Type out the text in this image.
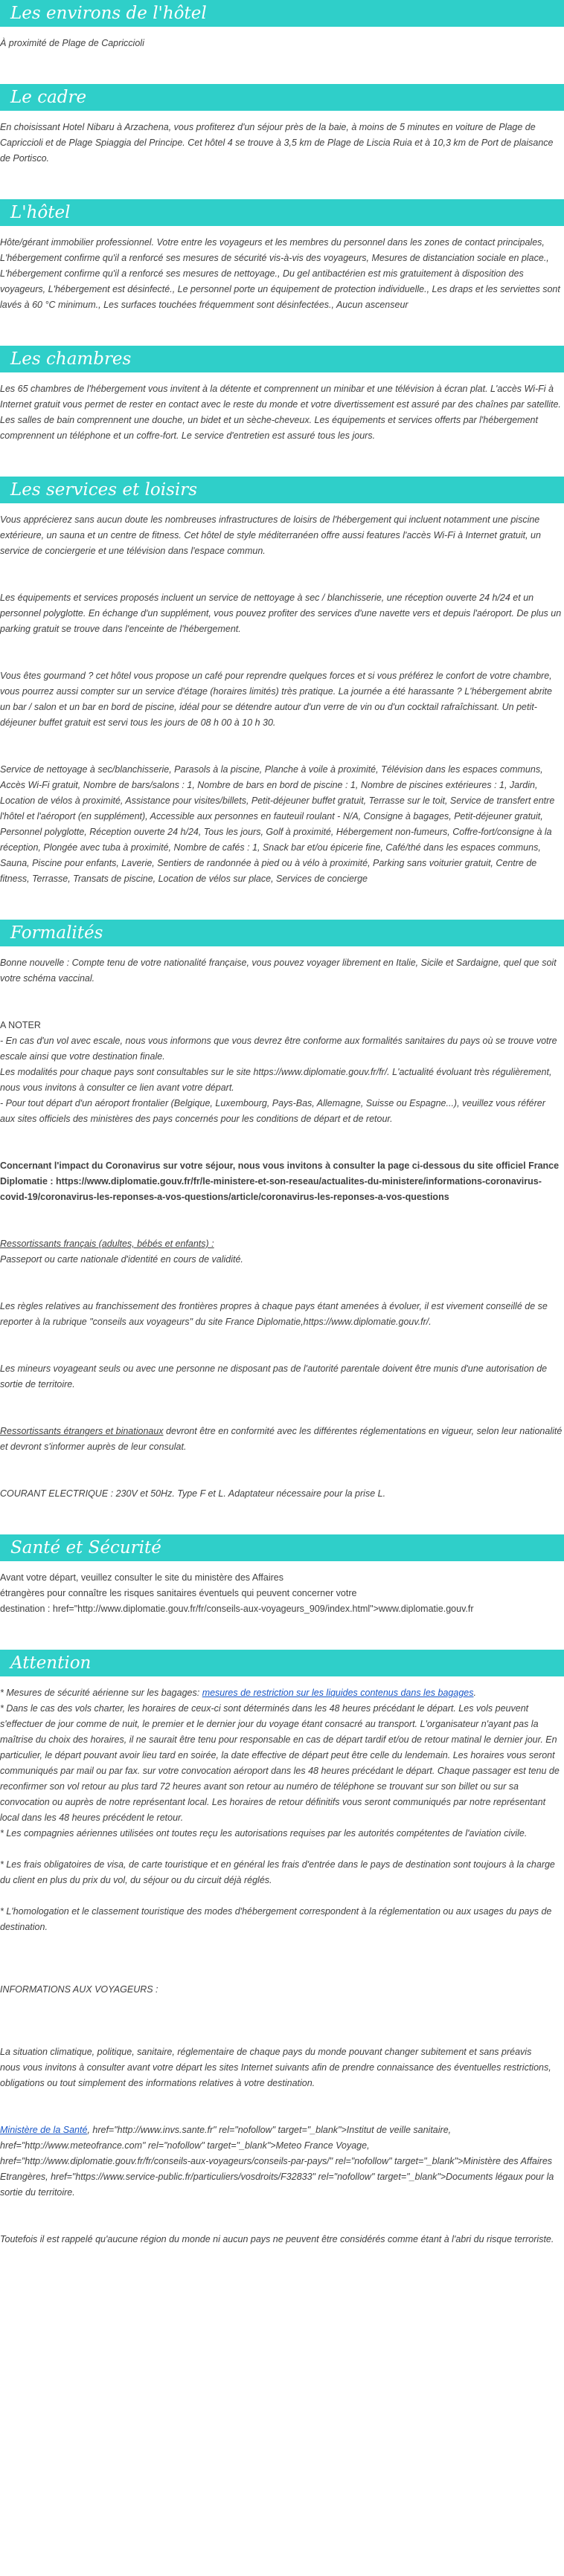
Les environs de l'hôtel

À proximité de Plage de Capriccioli

Le cadre

En choisissant Hotel Nibaru à Arzachena, vous profiterez d'un séjour près de la baie, à moins de 5 minutes en voiture de Plage de Capriccioli et de Plage Spiaggia del Principe. Cet hôtel 4 se trouve à 3,5 km de Plage de Liscia Ruia et à 10,3 km de Port de plaisance de Portisco.

L'hôtel

Hôte/gérant immobilier professionnel. Votre entre les voyageurs et les membres du personnel dans les zones de contact principales, L'hébergement confirme qu'il a renforcé ses mesures de sécurité vis-à-vis des voyageurs, Mesures de distanciation sociale en place., L'hébergement confirme qu'il a renforcé ses mesures de nettoyage., Du gel antibactérien est mis gratuitement à disposition des voyageurs, L'hébergement est désinfecté., Le personnel porte un équipement de protection individuelle., Les draps et les serviettes sont lavés à 60 °C minimum., Les surfaces touchées fréquemment sont désinfectées., Aucun ascenseur

Les chambres

Les 65 chambres de l'hébergement vous invitent à la détente et comprennent un minibar et une télévision à écran plat. L'accès Wi-Fi à Internet gratuit vous permet de rester en contact avec le reste du monde et votre divertissement est assuré par des chaînes par satellite. Les salles de bain comprennent une douche, un bidet et un sèche-cheveux. Les équipements et services offerts par l'hébergement comprennent un téléphone et un coffre-fort. Le service d'entretien est assuré tous les jours.

Les services et loisirs

Vous apprécierez sans aucun doute les nombreuses infrastructures de loisirs de l'hébergement qui incluent notamment une piscine extérieure, un sauna et un centre de fitness. Cet hôtel de style méditerranéen offre aussi features l'accès Wi-Fi à Internet gratuit, un service de conciergerie et une télévision dans l'espace commun.

Les équipements et services proposés incluent un service de nettoyage à sec / blanchisserie, une réception ouverte 24 h/24 et un personnel polyglotte. En échange d'un supplément, vous pouvez profiter des services d'une navette vers et depuis l'aéroport. De plus un parking gratuit se trouve dans l'enceinte de l'hébergement.

Vous êtes gourmand ? cet hôtel vous propose un café pour reprendre quelques forces et si vous préférez le confort de votre chambre, vous pourrez aussi compter sur un service d'étage (horaires limités) très pratique. La journée a été harassante ? L'hébergement abrite un bar / salon et un bar en bord de piscine, idéal pour se détendre autour d'un verre de vin ou d'un cocktail rafraîchissant. Un petit-déjeuner buffet gratuit est servi tous les jours de 08 h 00 à 10 h 30.

Service de nettoyage à sec/blanchisserie, Parasols à la piscine, Planche à voile à proximité, Télévision dans les espaces communs, Accès Wi-Fi gratuit, Nombre de bars/salons : 1, Nombre de bars en bord de piscine : 1, Nombre de piscines extérieures : 1, Jardin, Location de vélos à proximité, Assistance pour visites/billets, Petit-déjeuner buffet gratuit, Terrasse sur le toit, Service de transfert entre l'hôtel et l'aéroport (en supplément), Accessible aux personnes en fauteuil roulant - N/A, Consigne à bagages, Petit-déjeuner gratuit, Personnel polyglotte, Réception ouverte 24 h/24, Tous les jours, Golf à proximité, Hébergement non-fumeurs, Coffre-fort/consigne à la réception, Plongée avec tuba à proximité, Nombre de cafés : 1, Snack bar et/ou épicerie fine, Café/thé dans les espaces communs, Sauna, Piscine pour enfants, Laverie, Sentiers de randonnée à pied ou à vélo à proximité, Parking sans voiturier gratuit, Centre de fitness, Terrasse, Transats de piscine, Location de vélos sur place, Services de concierge

Formalités

Bonne nouvelle : Compte tenu de votre nationalité française, vous pouvez voyager librement en Italie, Sicile et Sardaigne, quel que soit votre schéma vaccinal.

A NOTER

- En cas d'un vol avec escale, nous vous informons que vous devrez être conforme aux formalités sanitaires du pays où se trouve votre escale ainsi que votre destination finale.

Les modalités pour chaque pays sont consultables sur le site https://www.diplomatie.gouv.fr/fr/. L'actualité évoluant très régulièrement, nous vous invitons à consulter ce lien avant votre départ.

- Pour tout départ d'un aéroport frontalier (Belgique, Luxembourg, Pays-Bas, Allemagne, Suisse ou Espagne...), veuillez vous référer aux sites officiels des ministères des pays concernés pour les conditions de départ et de retour.

Concernant l'impact du Coronavirus sur votre séjour, nous vous invitons à consulter la page ci-dessous du site officiel France Diplomatie : https://www.diplomatie.gouv.fr/fr/le-ministere-et-son-reseau/actualites-du-ministere/informations-coronavirus-covid-19/coronavirus-les-reponses-a-vos-questions/article/coronavirus-les-reponses-a-vos-questions

Ressortissants français (adultes, bébés et enfants) :

Passeport ou carte nationale d'identité en cours de validité.

Les règles relatives au franchissement des frontières propres à chaque pays étant amenées à évoluer, il est vivement conseillé de se reporter à la rubrique "conseils aux voyageurs" du site France Diplomatie,https://www.diplomatie.gouv.fr/.

Les mineurs voyageant seuls ou avec une personne ne disposant pas de l'autorité parentale doivent être munis d'une autorisation de sortie de territoire.

Ressortissants étrangers et binationaux devront être en conformité avec les différentes réglementations en vigueur, selon leur nationalité et devront s'informer auprès de leur consulat.

COURANT ELECTRIQUE : 230V et 50Hz. Type F et L. Adaptateur nécessaire pour la prise L.

Santé et Sécurité

Avant votre départ, veuillez consulter le site du ministère des Affaires

étrangères pour connaître les risques sanitaires éventuels qui peuvent concerner votre

destination : href="http://www.diplomatie.gouv.fr/fr/conseils-aux-voyageurs_909/index.html">www.diplomatie.gouv.fr

Attention

* Mesures de sécurité aérienne sur les bagages: mesures de restriction sur les liquides contenus dans les bagages.

* Dans le cas des vols charter, les horaires de ceux-ci sont déterminés dans les 48 heures précédant le départ. Les vols peuvent s'effectuer de jour comme de nuit, le premier et le dernier jour du voyage étant consacré au transport. L'organisateur n'ayant pas la maîtrise du choix des horaires, il ne saurait être tenu pour responsable en cas de départ tardif et/ou de retour matinal le dernier jour. En particulier, le départ pouvant avoir lieu tard en soirée, la date effective de départ peut être celle du lendemain. Les horaires vous seront communiqués par mail ou par fax. sur votre convocation aéroport dans les 48 heures précédant le départ. Chaque passager est tenu de reconfirmer son vol retour au plus tard 72 heures avant son retour au numéro de téléphone se trouvant sur son billet ou sur sa convocation ou auprès de notre représentant local. Les horaires de retour définitifs vous seront communiqués par notre représentant local dans les 48 heures précédent le retour.

* Les compagnies aériennes utilisées ont toutes reçu les autorisations requises par les autorités compétentes de l'aviation civile.

* Les frais obligatoires de visa, de carte touristique et en général les frais d'entrée dans le pays de destination sont toujours à la charge du client en plus du prix du vol, du séjour ou du circuit déjà réglés.

* L'homologation et le classement touristique des modes d'hébergement correspondent à la réglementation ou aux usages du pays de destination.

INFORMATIONS AUX VOYAGEURS :

La situation climatique, politique, sanitaire, réglementaire de chaque pays du monde pouvant changer subitement et sans préavis
nous vous invitons à consulter avant votre départ les sites Internet suivants afin de prendre connaissance des éventuelles restrictions, obligations ou tout simplement des informations relatives à votre destination.

Ministère de la Santé, href="http://www.invs.sante.fr" rel="nofollow" target="_blank">Institut de veille sanitaire, href="http://www.meteofrance.com" rel="nofollow" target="_blank">Meteo France Voyage, href="http://www.diplomatie.gouv.fr/fr/conseils-aux-voyageurs/conseils-par-pays/" rel="nofollow" target="_blank">Ministère des Affaires Etrangères, href="https://www.service-public.fr/particuliers/vosdroits/F32833" rel="nofollow" target="_blank">Documents légaux pour la sortie du territoire.

Toutefois il est rappelé qu'aucune région du monde ni aucun pays ne peuvent être considérés comme étant à l'abri du risque terroriste.
